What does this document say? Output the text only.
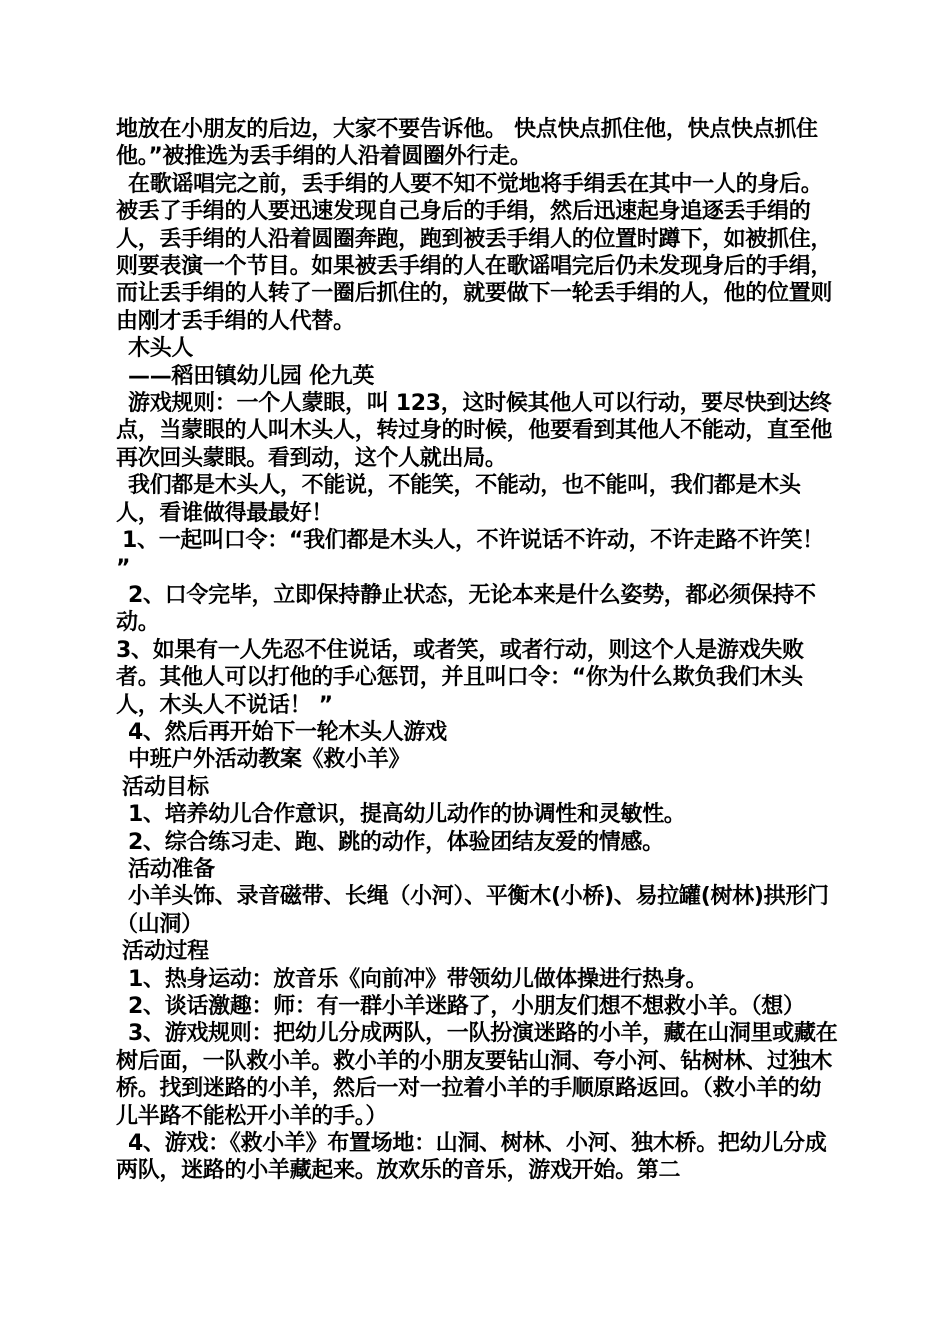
地放在小朋友的后边，大家不要告诉他。 快点快点抓住他，快点快点抓住他。”被推选为丢手绢的人沿着圆圈外行走。

在歌谣唱完之前，丢手绢的人要不知不觉地将手绢丢在其中一人的身后。被丢了手绢的人要迅速发现自己身后的手绢，然后迅速起身追逐丢手绢的人，丢手绢的人沿着圆圈奔跑，跑到被丢手绢人的位置时蹲下，如被抓住，则要表演一个节目。如果被丢手绢的人在歌谣唱完后仍未发现身后的手绢，而让丢手绢的人转了一圈后抓住的，就要做下一轮丢手绢的人，他的位置则由刚才丢手绢的人代替。

木头人

——稻田镇幼儿园 伦九英

游戏规则：一个人蒙眼，叫 123，这时候其他人可以行动，要尽快到达终点，当蒙眼的人叫木头人，转过身的时候，他要看到其他人不能动，直至他再次回头蒙眼。看到动，这个人就出局。

我们都是木头人，不能说，不能笑，不能动，也不能叫，我们都是木头人，看谁做得最最好！

1、一起叫口令：“我们都是木头人，不许说话不许动，不许走路不许笑！ ”

2、口令完毕，立即保持静止状态，无论本来是什么姿势，都必须保持不动。

3、如果有一人先忍不住说话，或者笑，或者行动，则这个人是游戏失败者。其他人可以打他的手心惩罚，并且叫口令：“你为什么欺负我们木头人，木头人不说话！ ”

4、然后再开始下一轮木头人游戏

中班户外活动教案《救小羊》

活动目标

1、培养幼儿合作意识，提高幼儿动作的协调性和灵敏性。

2、综合练习走、跑、跳的动作，体验团结友爱的情感。

活动准备

小羊头饰、录音磁带、长绳（小河）、平衡木(小桥)、易拉罐(树林)拱形门（山洞）

活动过程

1、热身运动：放音乐《向前冲》带领幼儿做体操进行热身。

2、谈话激趣：师：有一群小羊迷路了，小朋友们想不想救小羊。（想）

3、游戏规则：把幼儿分成两队，一队扮演迷路的小羊，藏在山洞里或藏在树后面，一队救小羊。救小羊的小朋友要钻山洞、夸小河、钻树林、过独木桥。找到迷路的小羊，然后一对一拉着小羊的手顺原路返回。（救小羊的幼儿半路不能松开小羊的手。）

4、游戏：《救小羊》布置场地：山洞、树林、小河、独木桥。把幼儿分成两队，迷路的小羊藏起来。放欢乐的音乐，游戏开始。第二
